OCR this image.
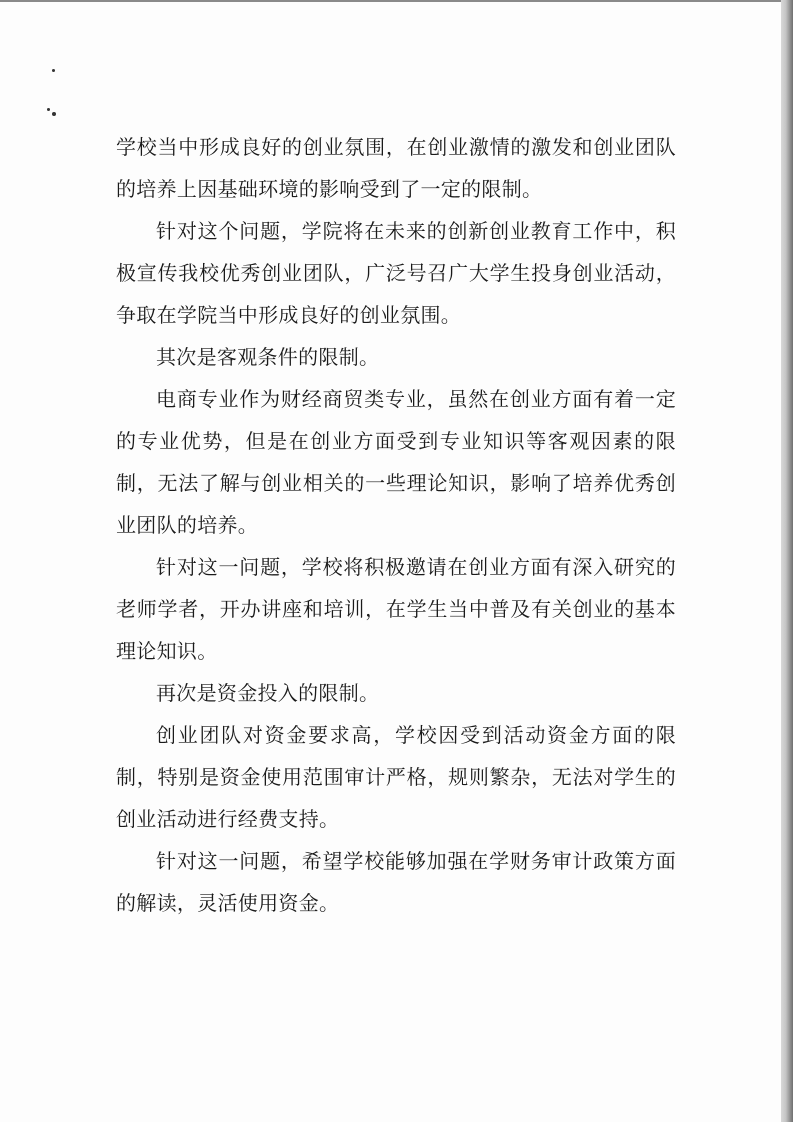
学校当中形成良好的创业氛围，在创业激情的激发和创业团队的培养上因基础环境的影响受到了一定的限制。

针对这个问题，学院将在未来的创新创业教育工作中，积极宣传我校优秀创业团队，广泛号召广大学生投身创业活动，争取在学院当中形成良好的创业氛围。

其次是客观条件的限制。

电商专业作为财经商贸类专业，虽然在创业方面有着一定的专业优势，但是在创业方面受到专业知识等客观因素的限制，无法了解与创业相关的一些理论知识，影响了培养优秀创业团队的培养。

针对这一问题，学校将积极邀请在创业方面有深入研究的老师学者，开办讲座和培训，在学生当中普及有关创业的基本理论知识。

再次是资金投入的限制。

创业团队对资金要求高，学校因受到活动资金方面的限制，特别是资金使用范围审计严格，规则繁杂，无法对学生的创业活动进行经费支持。

针对这一问题，希望学校能够加强在学财务审计政策方面的解读，灵活使用资金。
